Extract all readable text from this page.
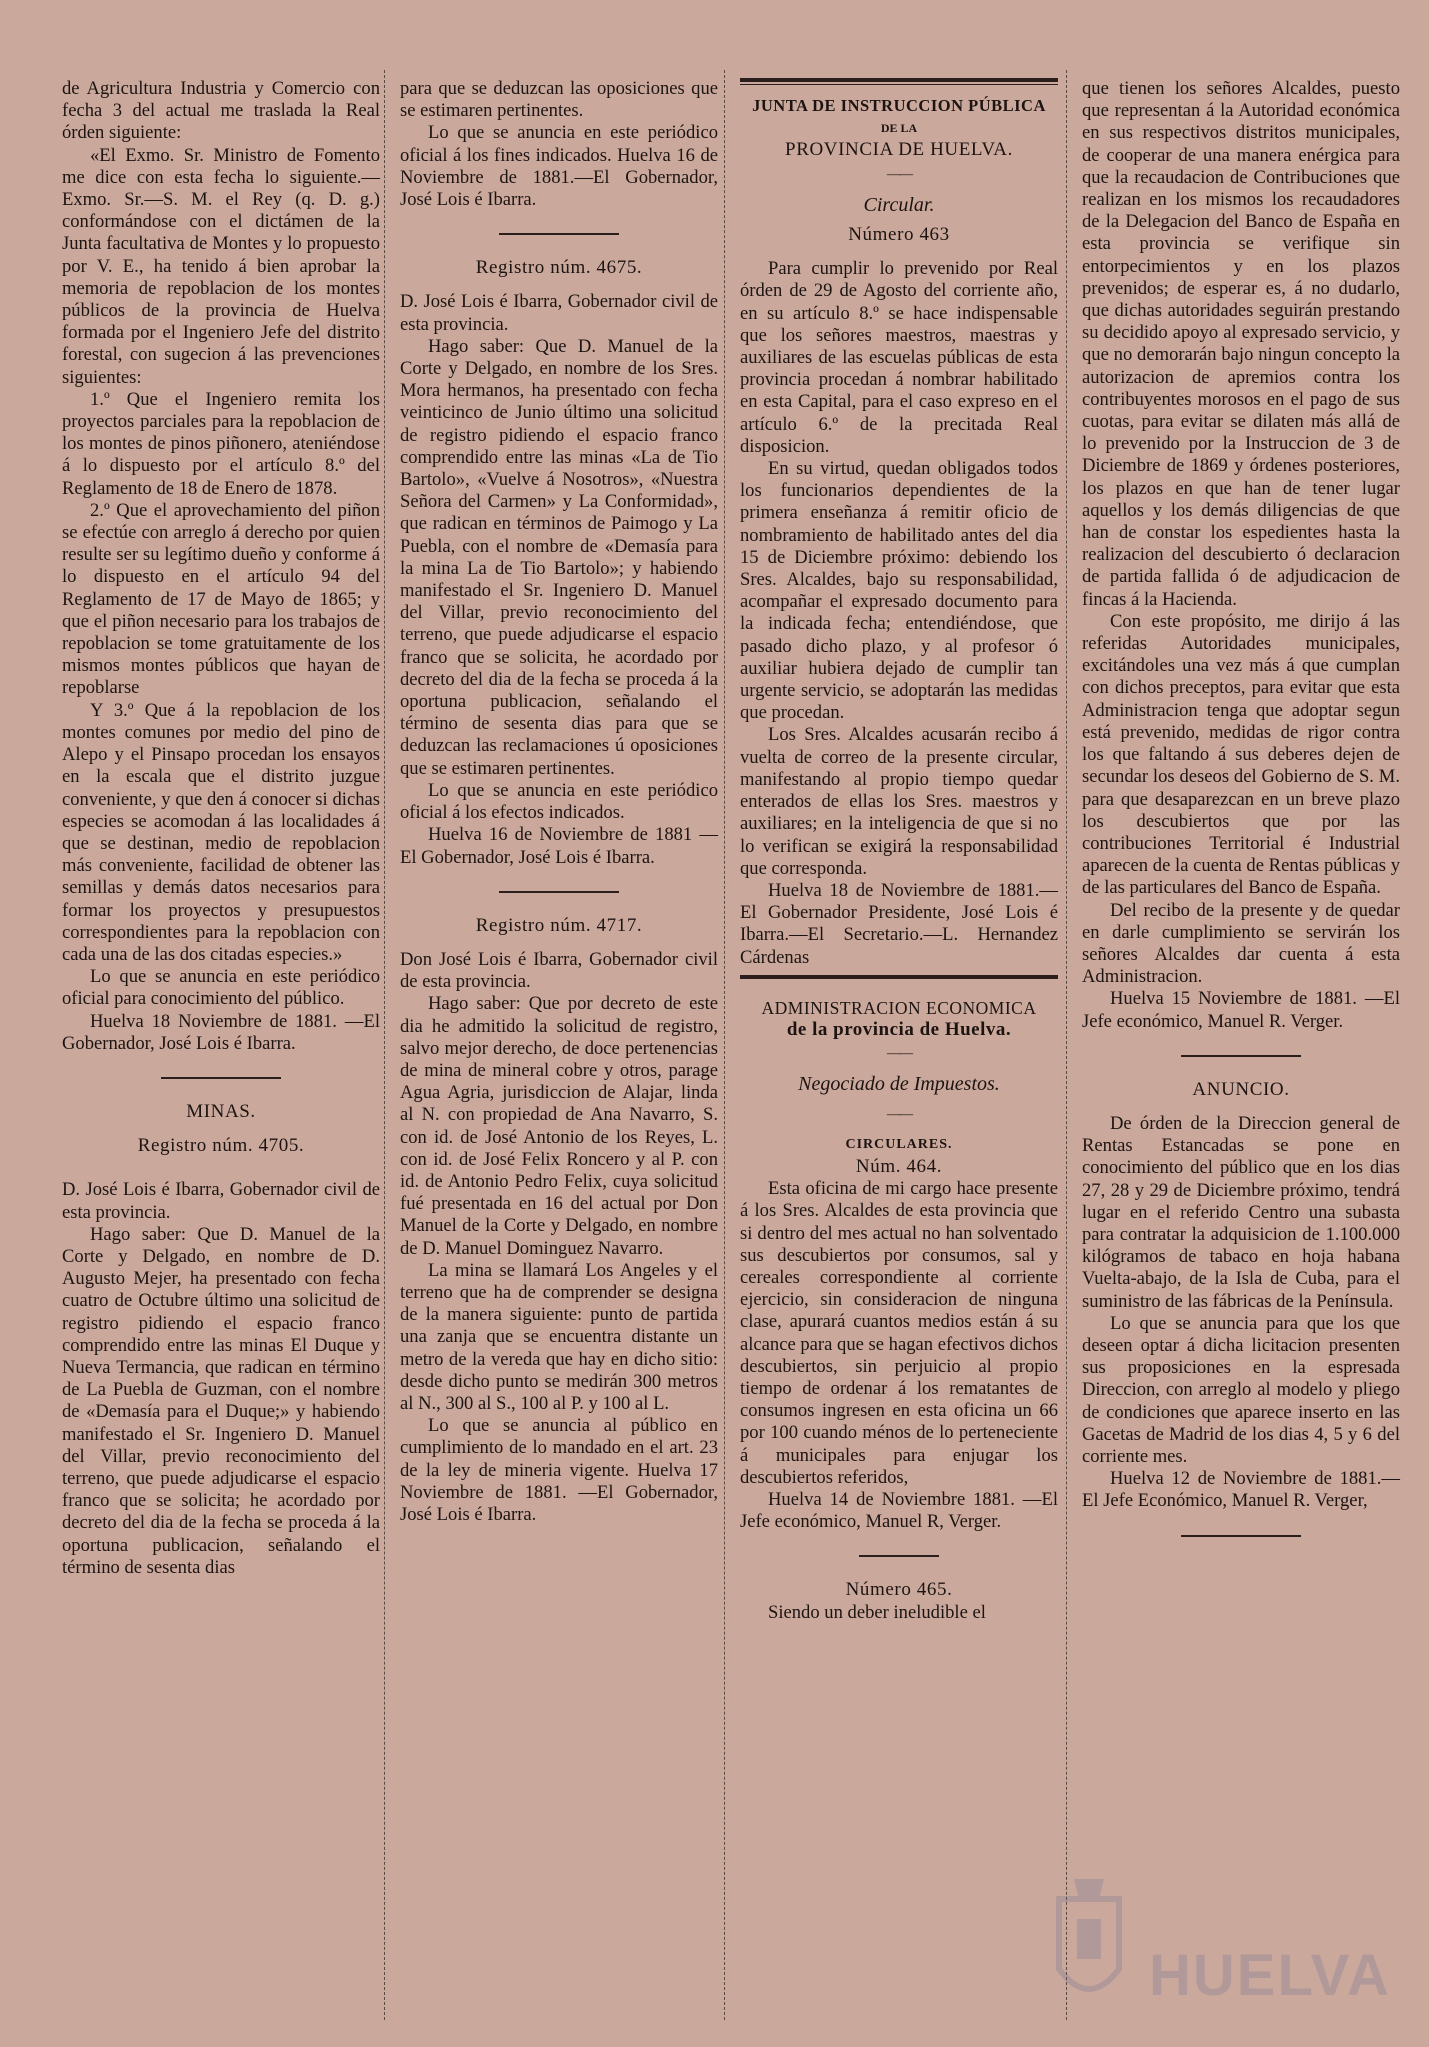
de Agricultura Industria y Comercio con fecha 3 del actual me traslada la Real órden siguiente:

«El Exmo. Sr. Ministro de Fomento me dice con esta fecha lo siguiente.—Exmo. Sr.—S. M. el Rey (q. D. g.) conformándose con el dictámen de la Junta facultativa de Montes y lo propuesto por V. E., ha tenido á bien aprobar la memoria de repoblacion de los montes públicos de la provincia de Huelva formada por el Ingeniero Jefe del distrito forestal, con sugecion á las prevenciones siguientes:

1.º Que el Ingeniero remita los proyectos parciales para la repoblacion de los montes de pinos piñonero, ateniéndose á lo dispuesto por el artículo 8.º del Reglamento de 18 de Enero de 1878.

2.º Que el aprovechamiento del piñon se efectúe con arreglo á derecho por quien resulte ser su legítimo dueño y conforme á lo dispuesto en el artículo 94 del Reglamento de 17 de Mayo de 1865; y que el piñon necesario para los trabajos de repoblacion se tome gratuitamente de los mismos montes públicos que hayan de repoblarse

Y 3.º Que á la repoblacion de los montes comunes por medio del pino de Alepo y el Pinsapo procedan los ensayos en la escala que el distrito juzgue conveniente, y que den á conocer si dichas especies se acomodan á las localidades á que se destinan, medio de repoblacion más conveniente, facilidad de obtener las semillas y demás datos necesarios para formar los proyectos y presupuestos correspondientes para la repoblacion con cada una de las dos citadas especies.»

Lo que se anuncia en este periódico oficial para conocimiento del público.

Huelva 18 Noviembre de 1881. —El Gobernador, José Lois é Ibarra.

MINAS.

Registro núm. 4705.

D. José Lois é Ibarra, Gobernador civil de esta provincia.

Hago saber: Que D. Manuel de la Corte y Delgado, en nombre de D. Augusto Mejer, ha presentado con fecha cuatro de Octubre último una solicitud de registro pidiendo el espacio franco comprendido entre las minas El Duque y Nueva Termancia, que radican en término de La Puebla de Guzman, con el nombre de «Demasía para el Duque;» y habiendo manifestado el Sr. Ingeniero D. Manuel del Villar, previo reconocimiento del terreno, que puede adjudicarse el espacio franco que se solicita; he acordado por decreto del dia de la fecha se proceda á la oportuna publicacion, señalando el término de sesenta dias

para que se deduzcan las oposiciones que se estimaren pertinentes.

Lo que se anuncia en este periódico oficial á los fines indicados. Huelva 16 de Noviembre de 1881.—El Gobernador, José Lois é Ibarra.

Registro núm. 4675.

D. José Lois é Ibarra, Gobernador civil de esta provincia.

Hago saber: Que D. Manuel de la Corte y Delgado, en nombre de los Sres. Mora hermanos, ha presentado con fecha veinticinco de Junio último una solicitud de registro pidiendo el espacio franco comprendido entre las minas «La de Tio Bartolo», «Vuelve á Nosotros», «Nuestra Señora del Carmen» y La Conformidad», que radican en términos de Paimogo y La Puebla, con el nombre de «Demasía para la mina La de Tio Bartolo»; y habiendo manifestado el Sr. Ingeniero D. Manuel del Villar, previo reconocimiento del terreno, que puede adjudicarse el espacio franco que se solicita, he acordado por decreto del dia de la fecha se proceda á la oportuna publicacion, señalando el término de sesenta dias para que se deduzcan las reclamaciones ú oposiciones que se estimaren pertinentes.

Lo que se anuncia en este periódico oficial á los efectos indicados.

Huelva 16 de Noviembre de 1881 —El Gobernador, José Lois é Ibarra.

Registro núm. 4717.

Don José Lois é Ibarra, Gobernador civil de esta provincia.

Hago saber: Que por decreto de este dia he admitido la solicitud de registro, salvo mejor derecho, de doce pertenencias de mina de mineral cobre y otros, parage Agua Agria, jurisdiccion de Alajar, linda al N. con propiedad de Ana Navarro, S. con id. de José Antonio de los Reyes, L. con id. de José Felix Roncero y al P. con id. de Antonio Pedro Felix, cuya solicitud fué presentada en 16 del actual por Don Manuel de la Corte y Delgado, en nombre de D. Manuel Dominguez Navarro.

La mina se llamará Los Angeles y el terreno que ha de comprender se designa de la manera siguiente: punto de partida una zanja que se encuentra distante un metro de la vereda que hay en dicho sitio: desde dicho punto se medirán 300 metros al N., 300 al S., 100 al P. y 100 al L.

Lo que se anuncia al público en cumplimiento de lo mandado en el art. 23 de la ley de mineria vigente. Huelva 17 Noviembre de 1881. —El Gobernador, José Lois é Ibarra.

JUNTA DE INSTRUCCION PÚBLICA

DE LA

PROVINCIA DE HUELVA.

——

Circular.

Número 463

Para cumplir lo prevenido por Real órden de 29 de Agosto del corriente año, en su artículo 8.º se hace indispensable que los señores maestros, maestras y auxiliares de las escuelas públicas de esta provincia procedan á nombrar habilitado en esta Capital, para el caso expreso en el artículo 6.º de la precitada Real disposicion.

En su virtud, quedan obligados todos los funcionarios dependientes de la primera enseñanza á remitir oficio de nombramiento de habilitado antes del dia 15 de Diciembre próximo: debiendo los Sres. Alcaldes, bajo su responsabilidad, acompañar el expresado documento para la indicada fecha; entendiéndose, que pasado dicho plazo, y al profesor ó auxiliar hubiera dejado de cumplir tan urgente servicio, se adoptarán las medidas que procedan.

Los Sres. Alcaldes acusarán recibo á vuelta de correo de la presente circular, manifestando al propio tiempo quedar enterados de ellas los Sres. maestros y auxiliares; en la inteligencia de que si no lo verifican se exigirá la responsabilidad que corresponda.

Huelva 18 de Noviembre de 1881.—El Gobernador Presidente, José Lois é Ibarra.—El Secretario.—L. Hernandez Cárdenas

ADMINISTRACION ECONOMICA

de la provincia de Huelva.

——

Negociado de Impuestos.

——

CIRCULARES.

Núm. 464.

Esta oficina de mi cargo hace presente á los Sres. Alcaldes de esta provincia que si dentro del mes actual no han solventado sus descubiertos por consumos, sal y cereales correspondiente al corriente ejercicio, sin consideracion de ninguna clase, apurará cuantos medios están á su alcance para que se hagan efectivos dichos descubiertos, sin perjuicio al propio tiempo de ordenar á los rematantes de consumos ingresen en esta oficina un 66 por 100 cuando ménos de lo perteneciente á municipales para enjugar los descubiertos referidos,

Huelva 14 de Noviembre 1881. —El Jefe económico, Manuel R, Verger.

Número 465.

Siendo un deber ineludible el

que tienen los señores Alcaldes, puesto que representan á la Autoridad económica en sus respectivos distritos municipales, de cooperar de una manera enérgica para que la recaudacion de Contribuciones que realizan en los mismos los recaudadores de la Delegacion del Banco de España en esta provincia se verifique sin entorpecimientos y en los plazos prevenidos; de esperar es, á no dudarlo, que dichas autoridades seguirán prestando su decidido apoyo al expresado servicio, y que no demorarán bajo ningun concepto la autorizacion de apremios contra los contribuyentes morosos en el pago de sus cuotas, para evitar se dilaten más allá de lo prevenido por la Instruccion de 3 de Diciembre de 1869 y órdenes posteriores, los plazos en que han de tener lugar aquellos y los demás diligencias de que han de constar los espedientes hasta la realizacion del descubierto ó declaracion de partida fallida ó de adjudicacion de fincas á la Hacienda.

Con este propósito, me dirijo á las referidas Autoridades municipales, excitándoles una vez más á que cumplan con dichos preceptos, para evitar que esta Administracion tenga que adoptar segun está prevenido, medidas de rigor contra los que faltando á sus deberes dejen de secundar los deseos del Gobierno de S. M. para que desaparezcan en un breve plazo los descubiertos que por las contribuciones Territorial é Industrial aparecen de la cuenta de Rentas públicas y de las particulares del Banco de España.

Del recibo de la presente y de quedar en darle cumplimiento se servirán los señores Alcaldes dar cuenta á esta Administracion.

Huelva 15 Noviembre de 1881. —El Jefe económico, Manuel R. Verger.

ANUNCIO.

De órden de la Direccion general de Rentas Estancadas se pone en conocimiento del público que en los dias 27, 28 y 29 de Diciembre próximo, tendrá lugar en el referido Centro una subasta para contratar la adquisicion de 1.100.000 kilógramos de tabaco en hoja habana Vuelta-abajo, de la Isla de Cuba, para el suministro de las fábricas de la Península.

Lo que se anuncia para que los que deseen optar á dicha licitacion presenten sus proposiciones en la espresada Direccion, con arreglo al modelo y pliego de condiciones que aparece inserto en las Gacetas de Madrid de los dias 4, 5 y 6 del corriente mes.

Huelva 12 de Noviembre de 1881.—El Jefe Económico, Manuel R. Verger,

HUELVA
